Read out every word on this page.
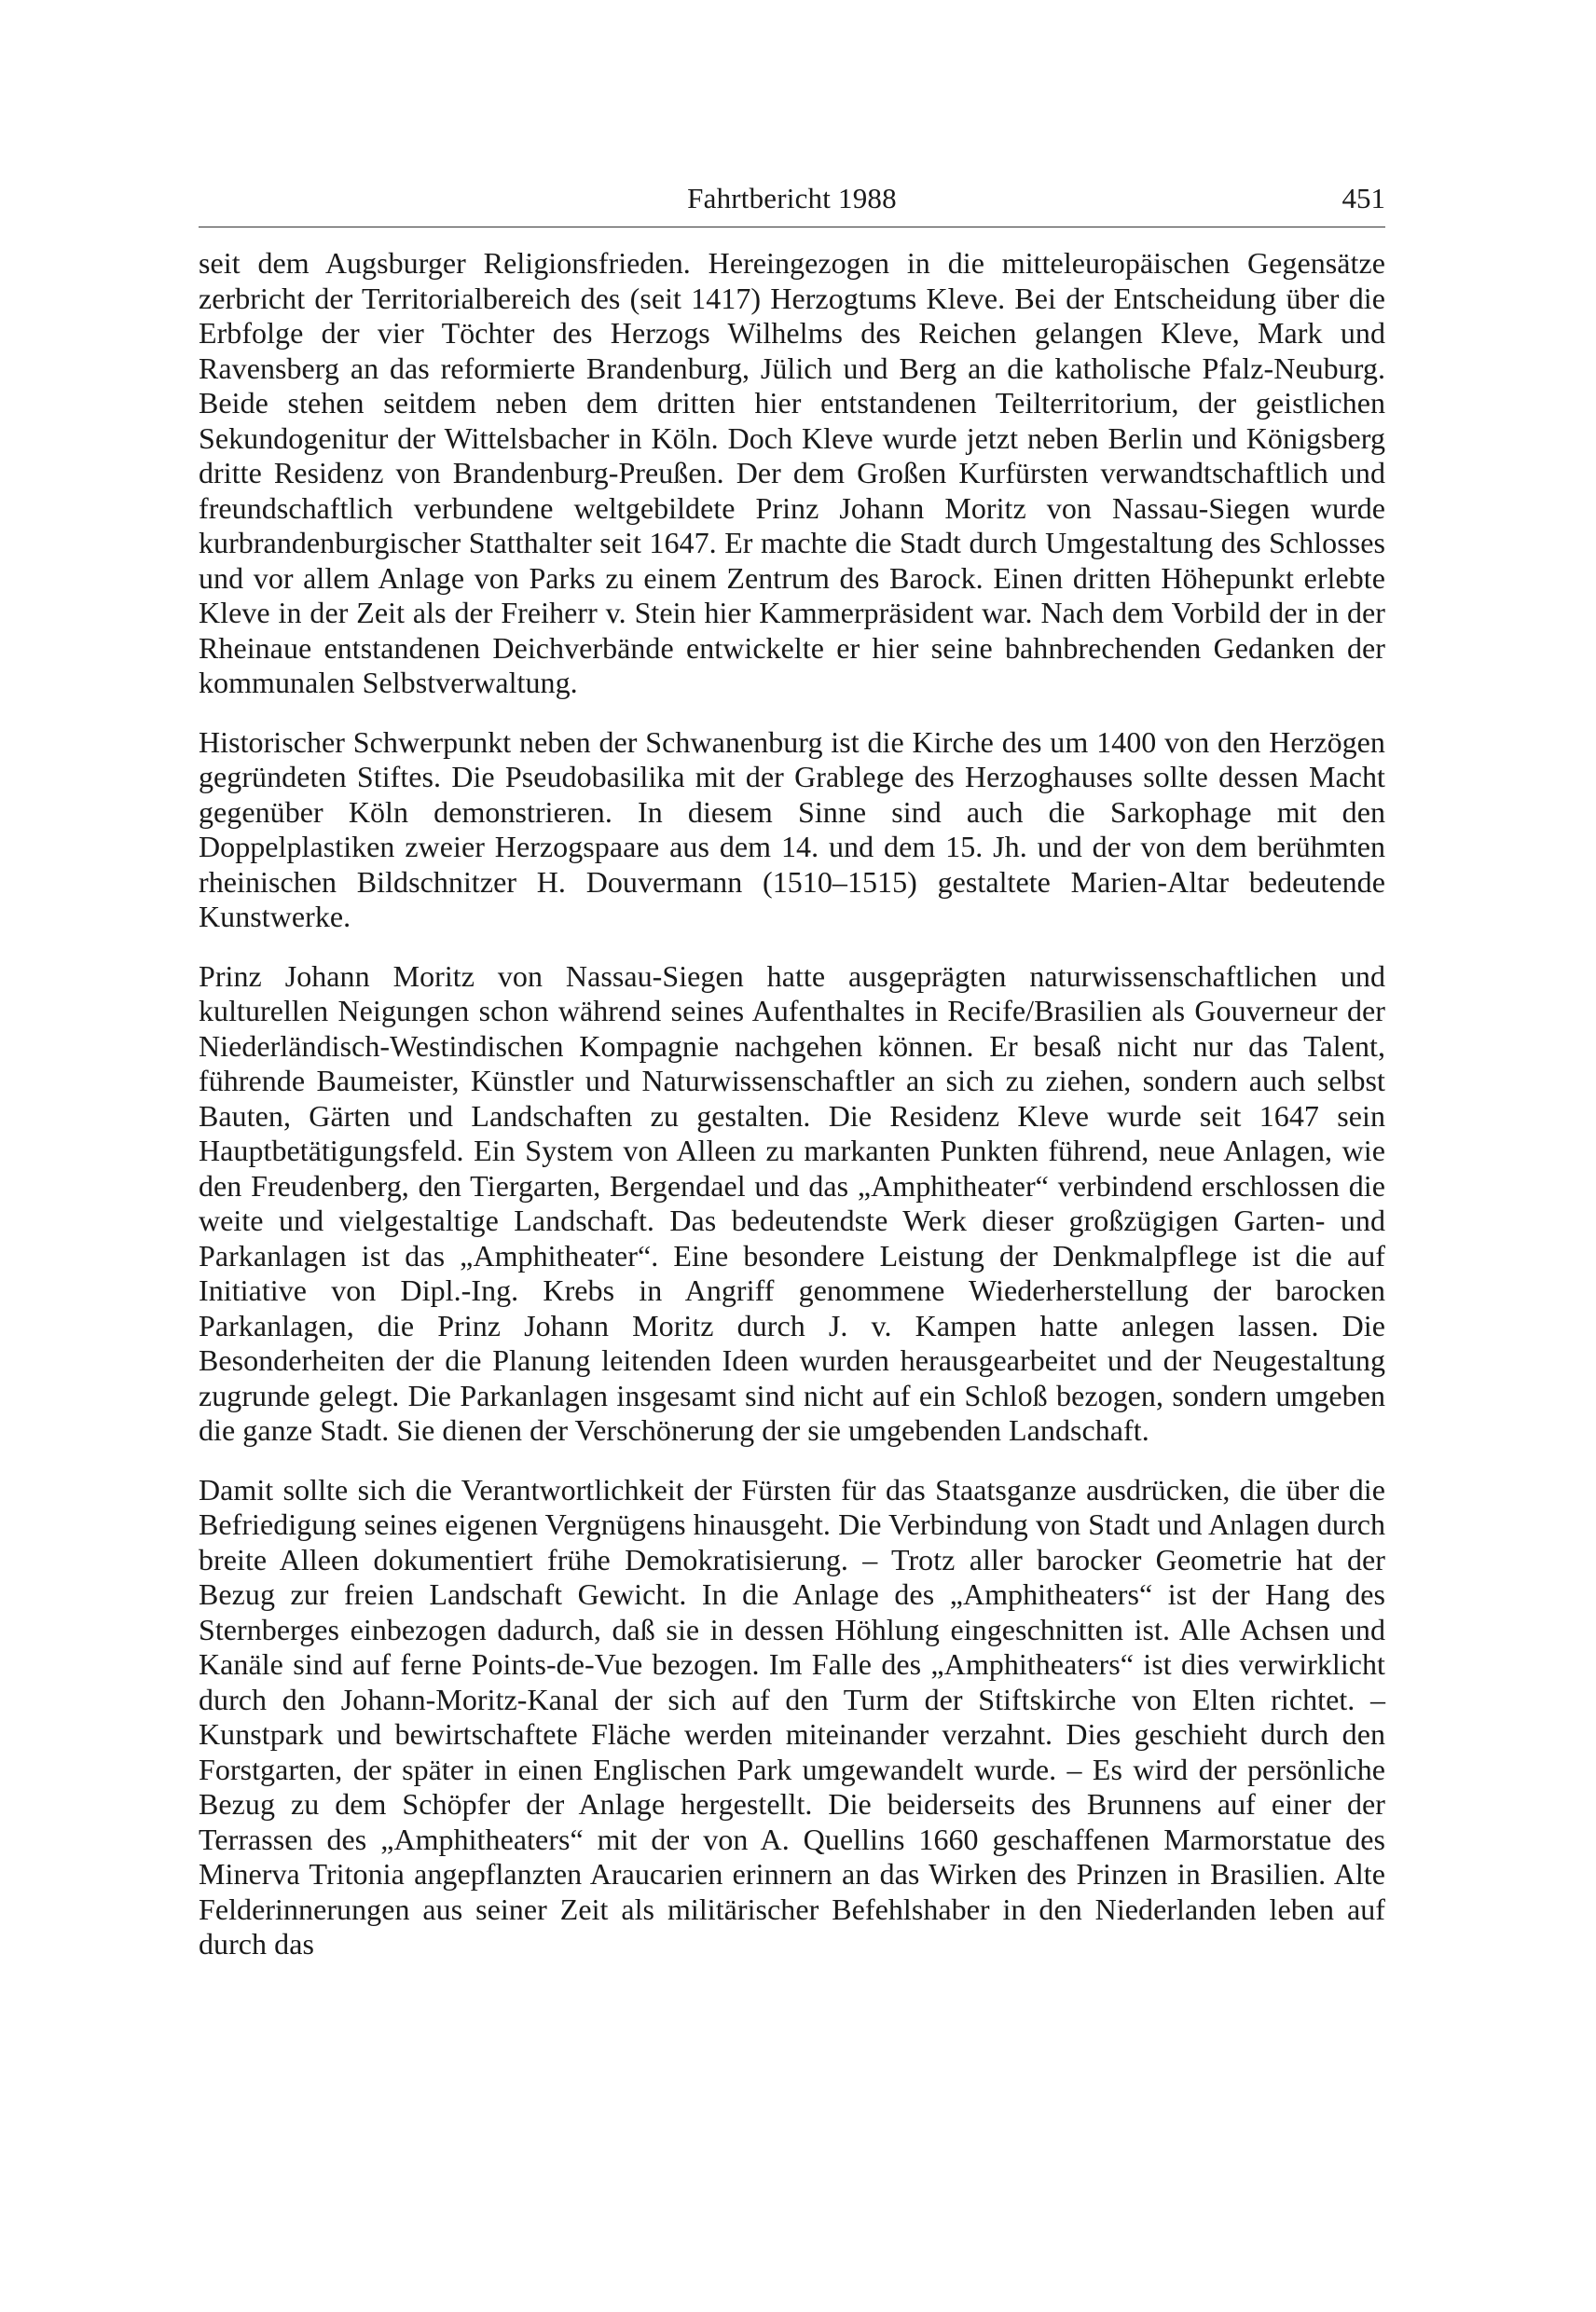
Fahrtbericht 1988	451

seit dem Augsburger Religionsfrieden. Hereingezogen in die mitteleuropäischen Gegensätze zerbricht der Territorialbereich des (seit 1417) Herzogtums Kleve. Bei der Entscheidung über die Erbfolge der vier Töchter des Herzogs Wilhelms des Reichen gelangen Kleve, Mark und Ravensberg an das reformierte Brandenburg, Jülich und Berg an die katholische Pfalz-Neuburg. Beide stehen seitdem neben dem dritten hier entstandenen Teilterritorium, der geistlichen Sekundogenitur der Wittelsbacher in Köln. Doch Kleve wurde jetzt neben Berlin und Königsberg dritte Residenz von Brandenburg-Preußen. Der dem Großen Kurfürsten verwandtschaftlich und freundschaftlich verbundene weltgebildete Prinz Johann Moritz von Nassau-Siegen wurde kurbrandenburgischer Statthalter seit 1647. Er machte die Stadt durch Umgestaltung des Schlosses und vor allem Anlage von Parks zu einem Zentrum des Barock. Einen dritten Höhepunkt erlebte Kleve in der Zeit als der Freiherr v. Stein hier Kammerpräsident war. Nach dem Vorbild der in der Rheinaue entstandenen Deichverbände entwickelte er hier seine bahnbrechenden Gedanken der kommunalen Selbstverwaltung.

Historischer Schwerpunkt neben der Schwanenburg ist die Kirche des um 1400 von den Herzögen gegründeten Stiftes. Die Pseudobasilika mit der Grablege des Herzoghauses sollte dessen Macht gegenüber Köln demonstrieren. In diesem Sinne sind auch die Sarkophage mit den Doppelplastiken zweier Herzogspaare aus dem 14. und dem 15. Jh. und der von dem berühmten rheinischen Bildschnitzer H. Douvermann (1510–1515) gestaltete Marien-Altar bedeutende Kunstwerke.

Prinz Johann Moritz von Nassau-Siegen hatte ausgeprägten naturwissenschaftlichen und kulturellen Neigungen schon während seines Aufenthaltes in Recife/Brasilien als Gouverneur der Niederländisch-Westindischen Kompagnie nachgehen können. Er besaß nicht nur das Talent, führende Baumeister, Künstler und Naturwissenschaftler an sich zu ziehen, sondern auch selbst Bauten, Gärten und Landschaften zu gestalten. Die Residenz Kleve wurde seit 1647 sein Hauptbetätigungsfeld. Ein System von Alleen zu markanten Punkten führend, neue Anlagen, wie den Freudenberg, den Tiergarten, Bergendael und das „Amphitheater“ verbindend erschlossen die weite und vielgestaltige Landschaft. Das bedeutendste Werk dieser großzügigen Garten- und Parkanlagen ist das „Amphitheater“. Eine besondere Leistung der Denkmalpflege ist die auf Initiative von Dipl.-Ing. Krebs in Angriff genommene Wiederherstellung der barocken Parkanlagen, die Prinz Johann Moritz durch J. v. Kampen hatte anlegen lassen. Die Besonderheiten der die Planung leitenden Ideen wurden herausgearbeitet und der Neugestaltung zugrunde gelegt. Die Parkanlagen insgesamt sind nicht auf ein Schloß bezogen, sondern umgeben die ganze Stadt. Sie dienen der Verschönerung der sie umgebenden Landschaft.

Damit sollte sich die Verantwortlichkeit der Fürsten für das Staatsganze ausdrücken, die über die Befriedigung seines eigenen Vergnügens hinausgeht. Die Verbindung von Stadt und Anlagen durch breite Alleen dokumentiert frühe Demokratisierung. – Trotz aller barocker Geometrie hat der Bezug zur freien Landschaft Gewicht. In die Anlage des „Amphitheaters“ ist der Hang des Sternberges einbezogen dadurch, daß sie in dessen Höhlung eingeschnitten ist. Alle Achsen und Kanäle sind auf ferne Points-de-Vue bezogen. Im Falle des „Amphitheaters“ ist dies verwirklicht durch den Johann-Moritz-Kanal der sich auf den Turm der Stiftskirche von Elten richtet. – Kunstpark und bewirtschaftete Fläche werden miteinander verzahnt. Dies geschieht durch den Forstgarten, der später in einen Englischen Park umgewandelt wurde. – Es wird der persönliche Bezug zu dem Schöpfer der Anlage hergestellt. Die beiderseits des Brunnens auf einer der Terrassen des „Amphitheaters“ mit der von A. Quellins 1660 geschaffenen Marmorstatue des Minerva Tritonia angepflanzten Araucarien erinnern an das Wirken des Prinzen in Brasilien. Alte Felderinnerungen aus seiner Zeit als militärischer Befehlshaber in den Niederlanden leben auf durch das
